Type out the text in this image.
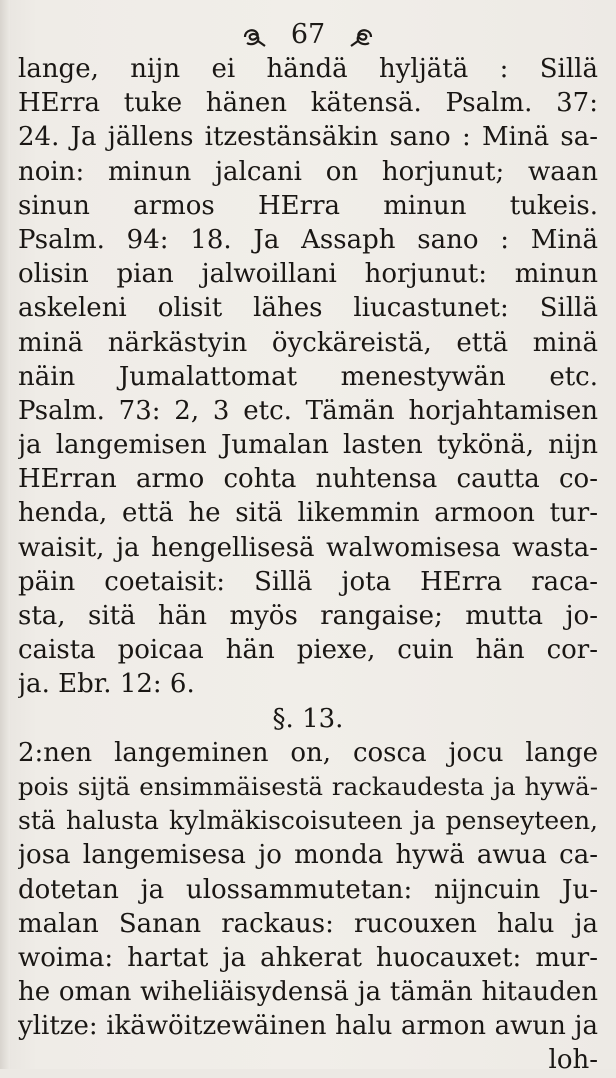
67
lange, nijn ei händä hyljätä : Sillä
HErra tuke hänen kätensä. Psalm. 37:
24. Ja jällens itzestänsäkin sano : Minä sa-
noin: minun jalcani on horjunut; waan
sinun armos HErra minun tukeis.
Psalm. 94: 18. Ja Assaph sano : Minä
olisin pian jalwoillani horjunut: minun
askeleni olisit lähes liucastunet: Sillä
minä närkästyin öyckäreistä, että minä
näin Jumalattomat menestywän etc.
Psalm. 73: 2, 3 etc. Tämän horjahtamisen
ja langemisen Jumalan lasten tykönä, nijn
HErran armo cohta nuhtensa cautta co-
henda, että he sitä likemmin armoon tur-
waisit, ja hengellisesä walwomisesa wasta-
päin coetaisit: Sillä jota HErra raca-
sta, sitä hän myös rangaise; mutta jo-
caista poicaa hän piexe, cuin hän cor-
ja. Ebr. 12: 6.
§. 13.
2:nen langeminen on, cosca jocu lange
pois sijtä ensimmäisestä rackaudesta ja hywä-
stä halusta kylmäkiscoisuteen ja penseyteen,
josa langemisesa jo monda hywä awua ca-
dotetan ja ulossammutetan: nijncuin Ju-
malan Sanan rackaus: rucouxen halu ja
woima: hartat ja ahkerat huocauxet: mur-
he oman wiheliäisydensä ja tämän hitauden
ylitze: ikäwöitzewäinen halu armon awun ja
loh-
